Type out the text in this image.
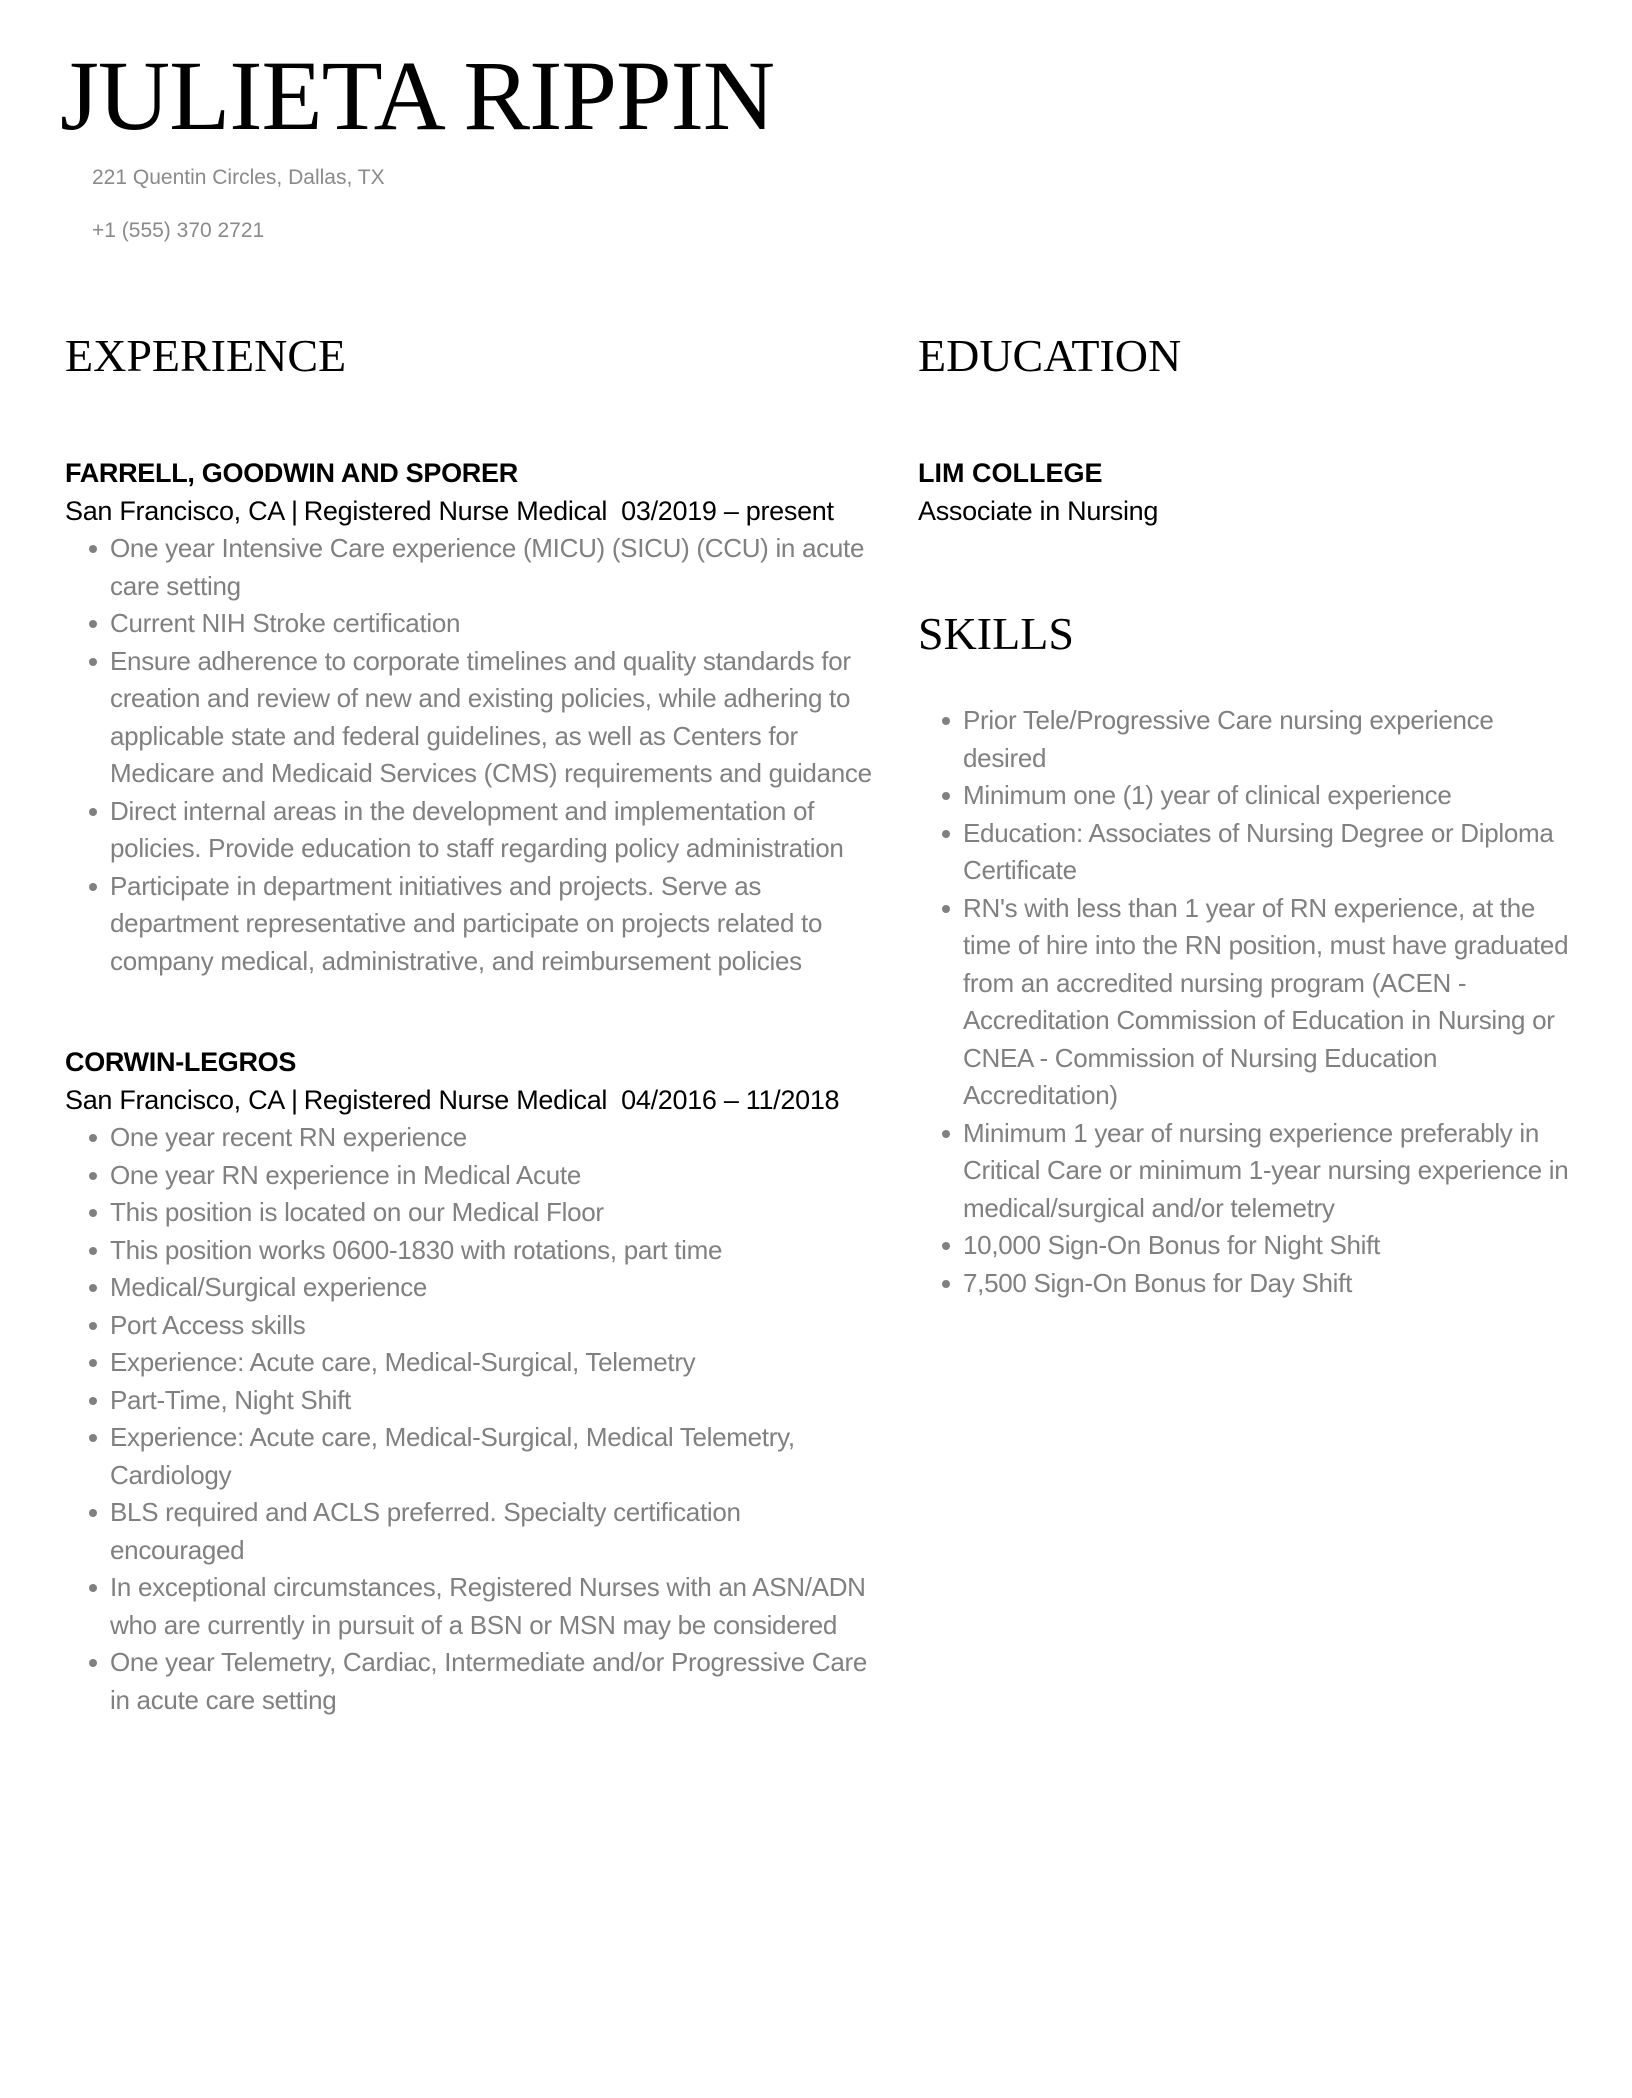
JULIETA RIPPIN

221 Quentin Circles, Dallas, TX

+1 (555) 370 2721

EXPERIENCE

FARRELL, GOODWIN AND SPORER

San Francisco, CA | Registered Nurse Medical 03/2019 – present

One year Intensive Care experience (MICU) (SICU) (CCU) in acute care setting
Current NIH Stroke certification
Ensure adherence to corporate timelines and quality standards for creation and review of new and existing policies, while adhering to applicable state and federal guidelines, as well as Centers for Medicare and Medicaid Services (CMS) requirements and guidance
Direct internal areas in the development and implementation of policies. Provide education to staff regarding policy administration
Participate in department initiatives and projects. Serve as department representative and participate on projects related to company medical, administrative, and reimbursement policies

CORWIN-LEGROS

San Francisco, CA | Registered Nurse Medical 04/2016 – 11/2018

One year recent RN experience
One year RN experience in Medical Acute
This position is located on our Medical Floor
This position works 0600-1830 with rotations, part time
Medical/Surgical experience
Port Access skills
Experience: Acute care, Medical-Surgical, Telemetry
Part-Time, Night Shift
Experience: Acute care, Medical-Surgical, Medical Telemetry, Cardiology
BLS required and ACLS preferred. Specialty certification encouraged
In exceptional circumstances, Registered Nurses with an ASN/ADN who are currently in pursuit of a BSN or MSN may be considered
One year Telemetry, Cardiac, Intermediate and/or Progressive Care in acute care setting
EDUCATION

LIM COLLEGE

Associate in Nursing

SKILLS
Prior Tele/Progressive Care nursing experience desired
Minimum one (1) year of clinical experience
Education: Associates of Nursing Degree or Diploma Certificate
RN's with less than 1 year of RN experience, at the time of hire into the RN position, must have graduated from an accredited nursing program (ACEN - Accreditation Commission of Education in Nursing or CNEA - Commission of Nursing Education Accreditation)
Minimum 1 year of nursing experience preferably in Critical Care or minimum 1-year nursing experience in medical/surgical and/or telemetry
10,000 Sign-On Bonus for Night Shift
7,500 Sign-On Bonus for Day Shift
